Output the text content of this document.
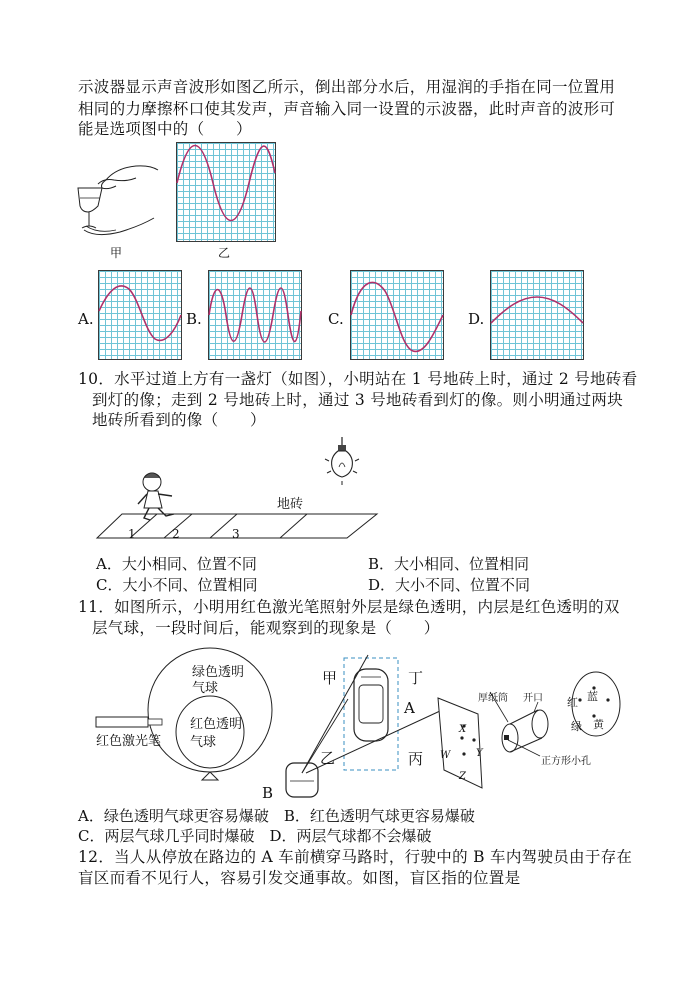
示波器显示声音波形如图乙所示，倒出部分水后，用湿润的手指在同一位置用
相同的力摩擦杯口使其发声，声音输入同一设置的示波器，此时声音的波形可
能是选项图中的（　　）
甲	乙
A.	B.	C.	D.
10．水平过道上方有一盏灯（如图），小明站在 1 号地砖上时，通过 2 号地砖看
到灯的像；走到 2 号地砖上时，通过 3 号地砖看到灯的像。则小明通过两块
地砖所看到的像（　　）
地砖
1	2	3
A．大小相同、位置不同	B．大小相同、位置相同
C．大小不同、位置相同	D．大小不同、位置不同
11．如图所示，小明用红色激光笔照射外层是绿色透明，内层是红色透明的双
层气球，一段时间后，能观察到的现象是（　　）
绿色透明
气球
红色透明
气球
红色激光笔
甲	丁
A
乙	丙
B
厚纸筒 开口
正方形小孔
X
Y
W
Z
红 蓝
绿 黄
A．绿色透明气球更容易爆破　B．红色透明气球更容易爆破
C．两层气球几乎同时爆破　D．两层气球都不会爆破
12．当人从停放在路边的 A 车前横穿马路时，行驶中的 B 车内驾驶员由于存在
盲区而看不见行人，容易引发交通事故。如图，盲区指的位置是
